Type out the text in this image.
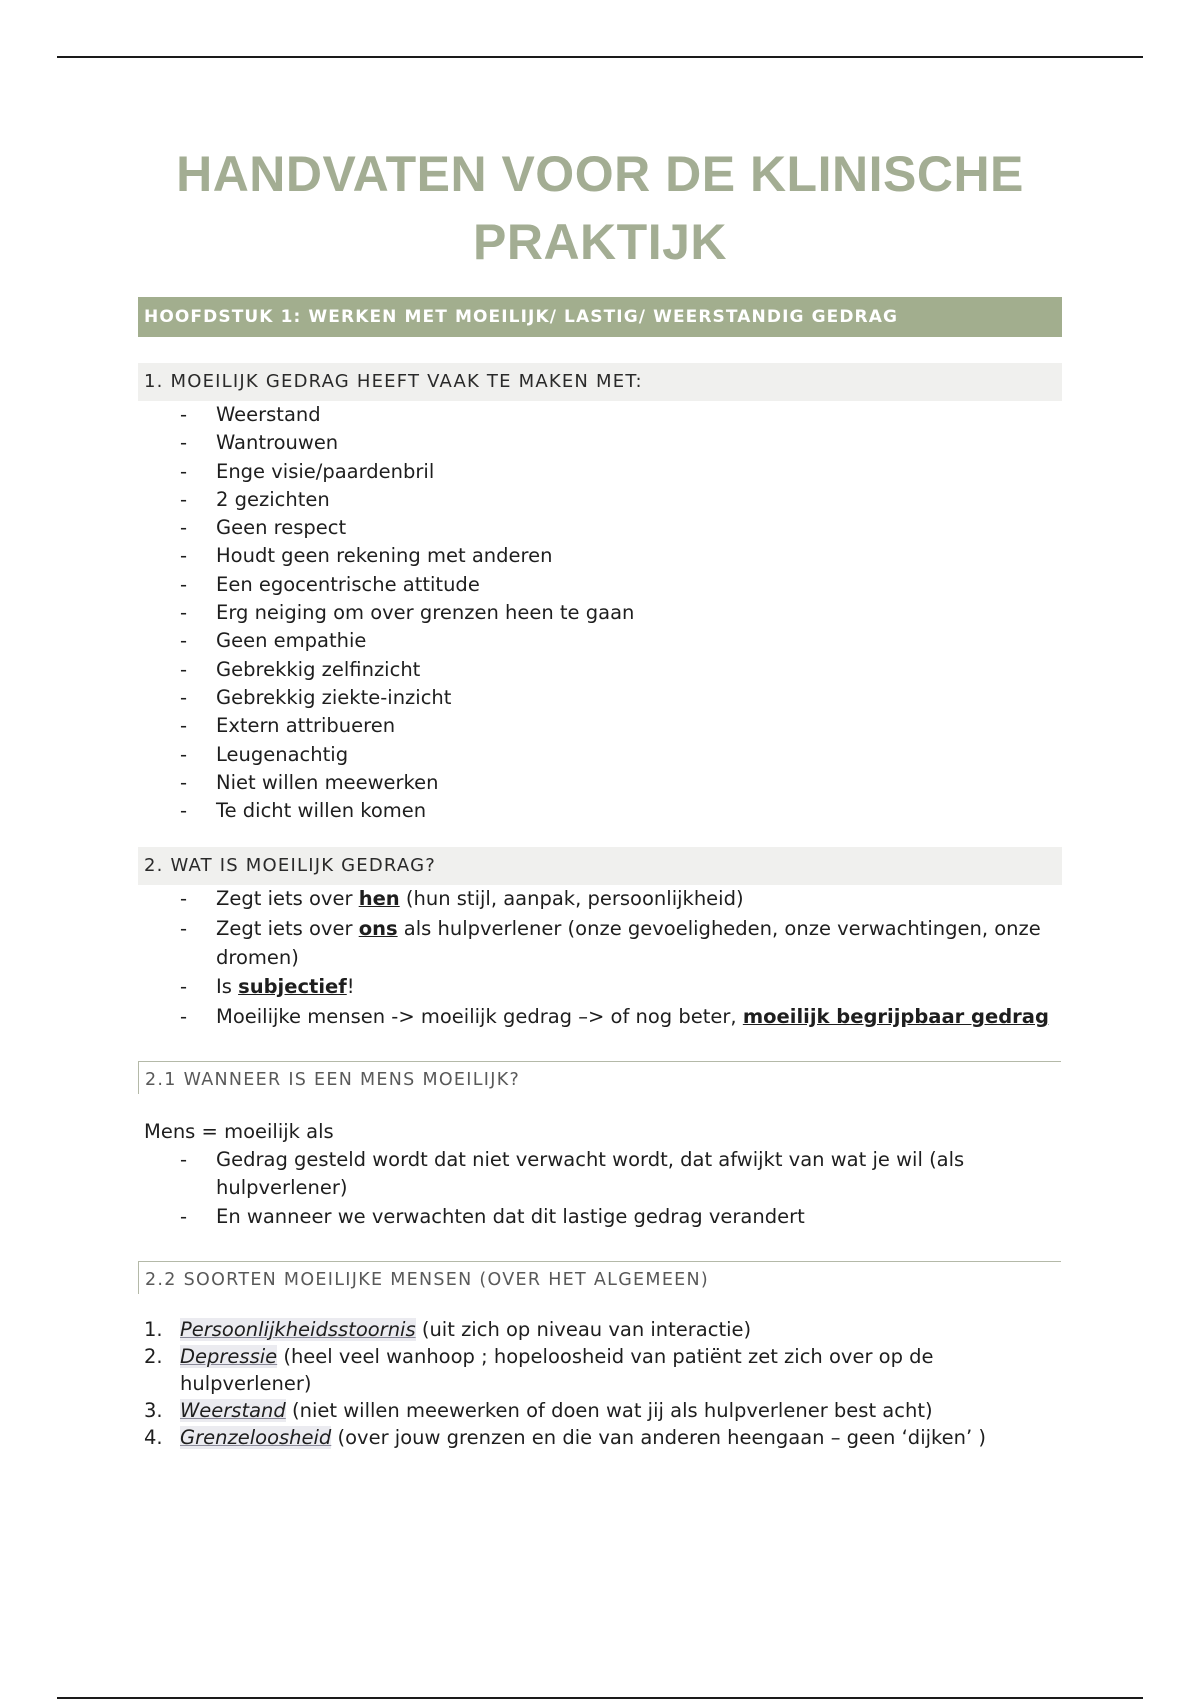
HANDVATEN VOOR DE KLINISCHE PRAKTIJK
HOOFDSTUK 1: WERKEN MET MOEILIJK/ LASTIG/ WEERSTANDIG GEDRAG
1. MOEILIJK GEDRAG HEEFT VAAK TE MAKEN MET:
- Weerstand
- Wantrouwen
- Enge visie/paardenbril
- 2 gezichten
- Geen respect
- Houdt geen rekening met anderen
- Een egocentrische attitude
- Erg neiging om over grenzen heen te gaan
- Geen empathie
- Gebrekkig zelfinzicht
- Gebrekkig ziekte-inzicht
- Extern attribueren
- Leugenachtig
- Niet willen meewerken
- Te dicht willen komen
2. WAT IS MOEILIJK GEDRAG?
- Zegt iets over hen (hun stijl, aanpak, persoonlijkheid)
- Zegt iets over ons als hulpverlener (onze gevoeligheden, onze verwachtingen, onze dromen)
- Is subjectief!
- Moeilijke mensen -> moeilijk gedrag –> of nog beter, moeilijk begrijpbaar gedrag
2.1 WANNEER IS EEN MENS MOEILIJK?
Mens = moeilijk als
- Gedrag gesteld wordt dat niet verwacht wordt, dat afwijkt van wat je wil (als hulpverlener)
- En wanneer we verwachten dat dit lastige gedrag verandert
2.2 SOORTEN MOEILIJKE MENSEN (OVER HET ALGEMEEN)
1. Persoonlijkheidsstoornis (uit zich op niveau van interactie)
2. Depressie (heel veel wanhoop ; hopeloosheid van patiënt zet zich over op de hulpverlener)
3. Weerstand (niet willen meewerken of doen wat jij als hulpverlener best acht)
4. Grenzeloosheid (over jouw grenzen en die van anderen heengaan – geen ‘dijken’ )
